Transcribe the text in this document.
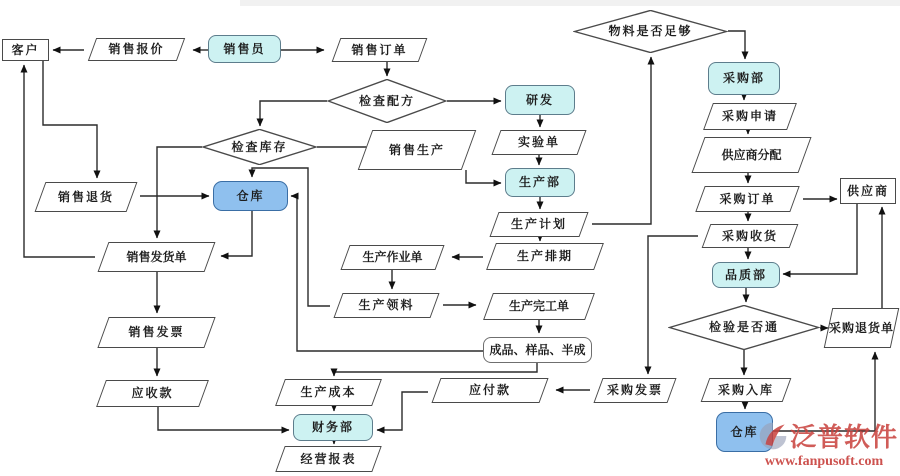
客户	销售报价	销售员	销售订单
检查配方	研发
检查库存	销售生产
实验单
生产部
销售退货	仓库
生产计划
销售发货单	生产排期
生产作业单
物料是否足够
采购部
采购申请
供应商分配
采购订单
供应商
采购收货
品质部
生产领料	生产完工单
检验是否通	采购退货单
成品、样品、半成
销售发票
应收款	生产成本	应付款	采购发票	采购入库
财务部	仓库
经营报表
泛普软件
www.fanpusoft.com
